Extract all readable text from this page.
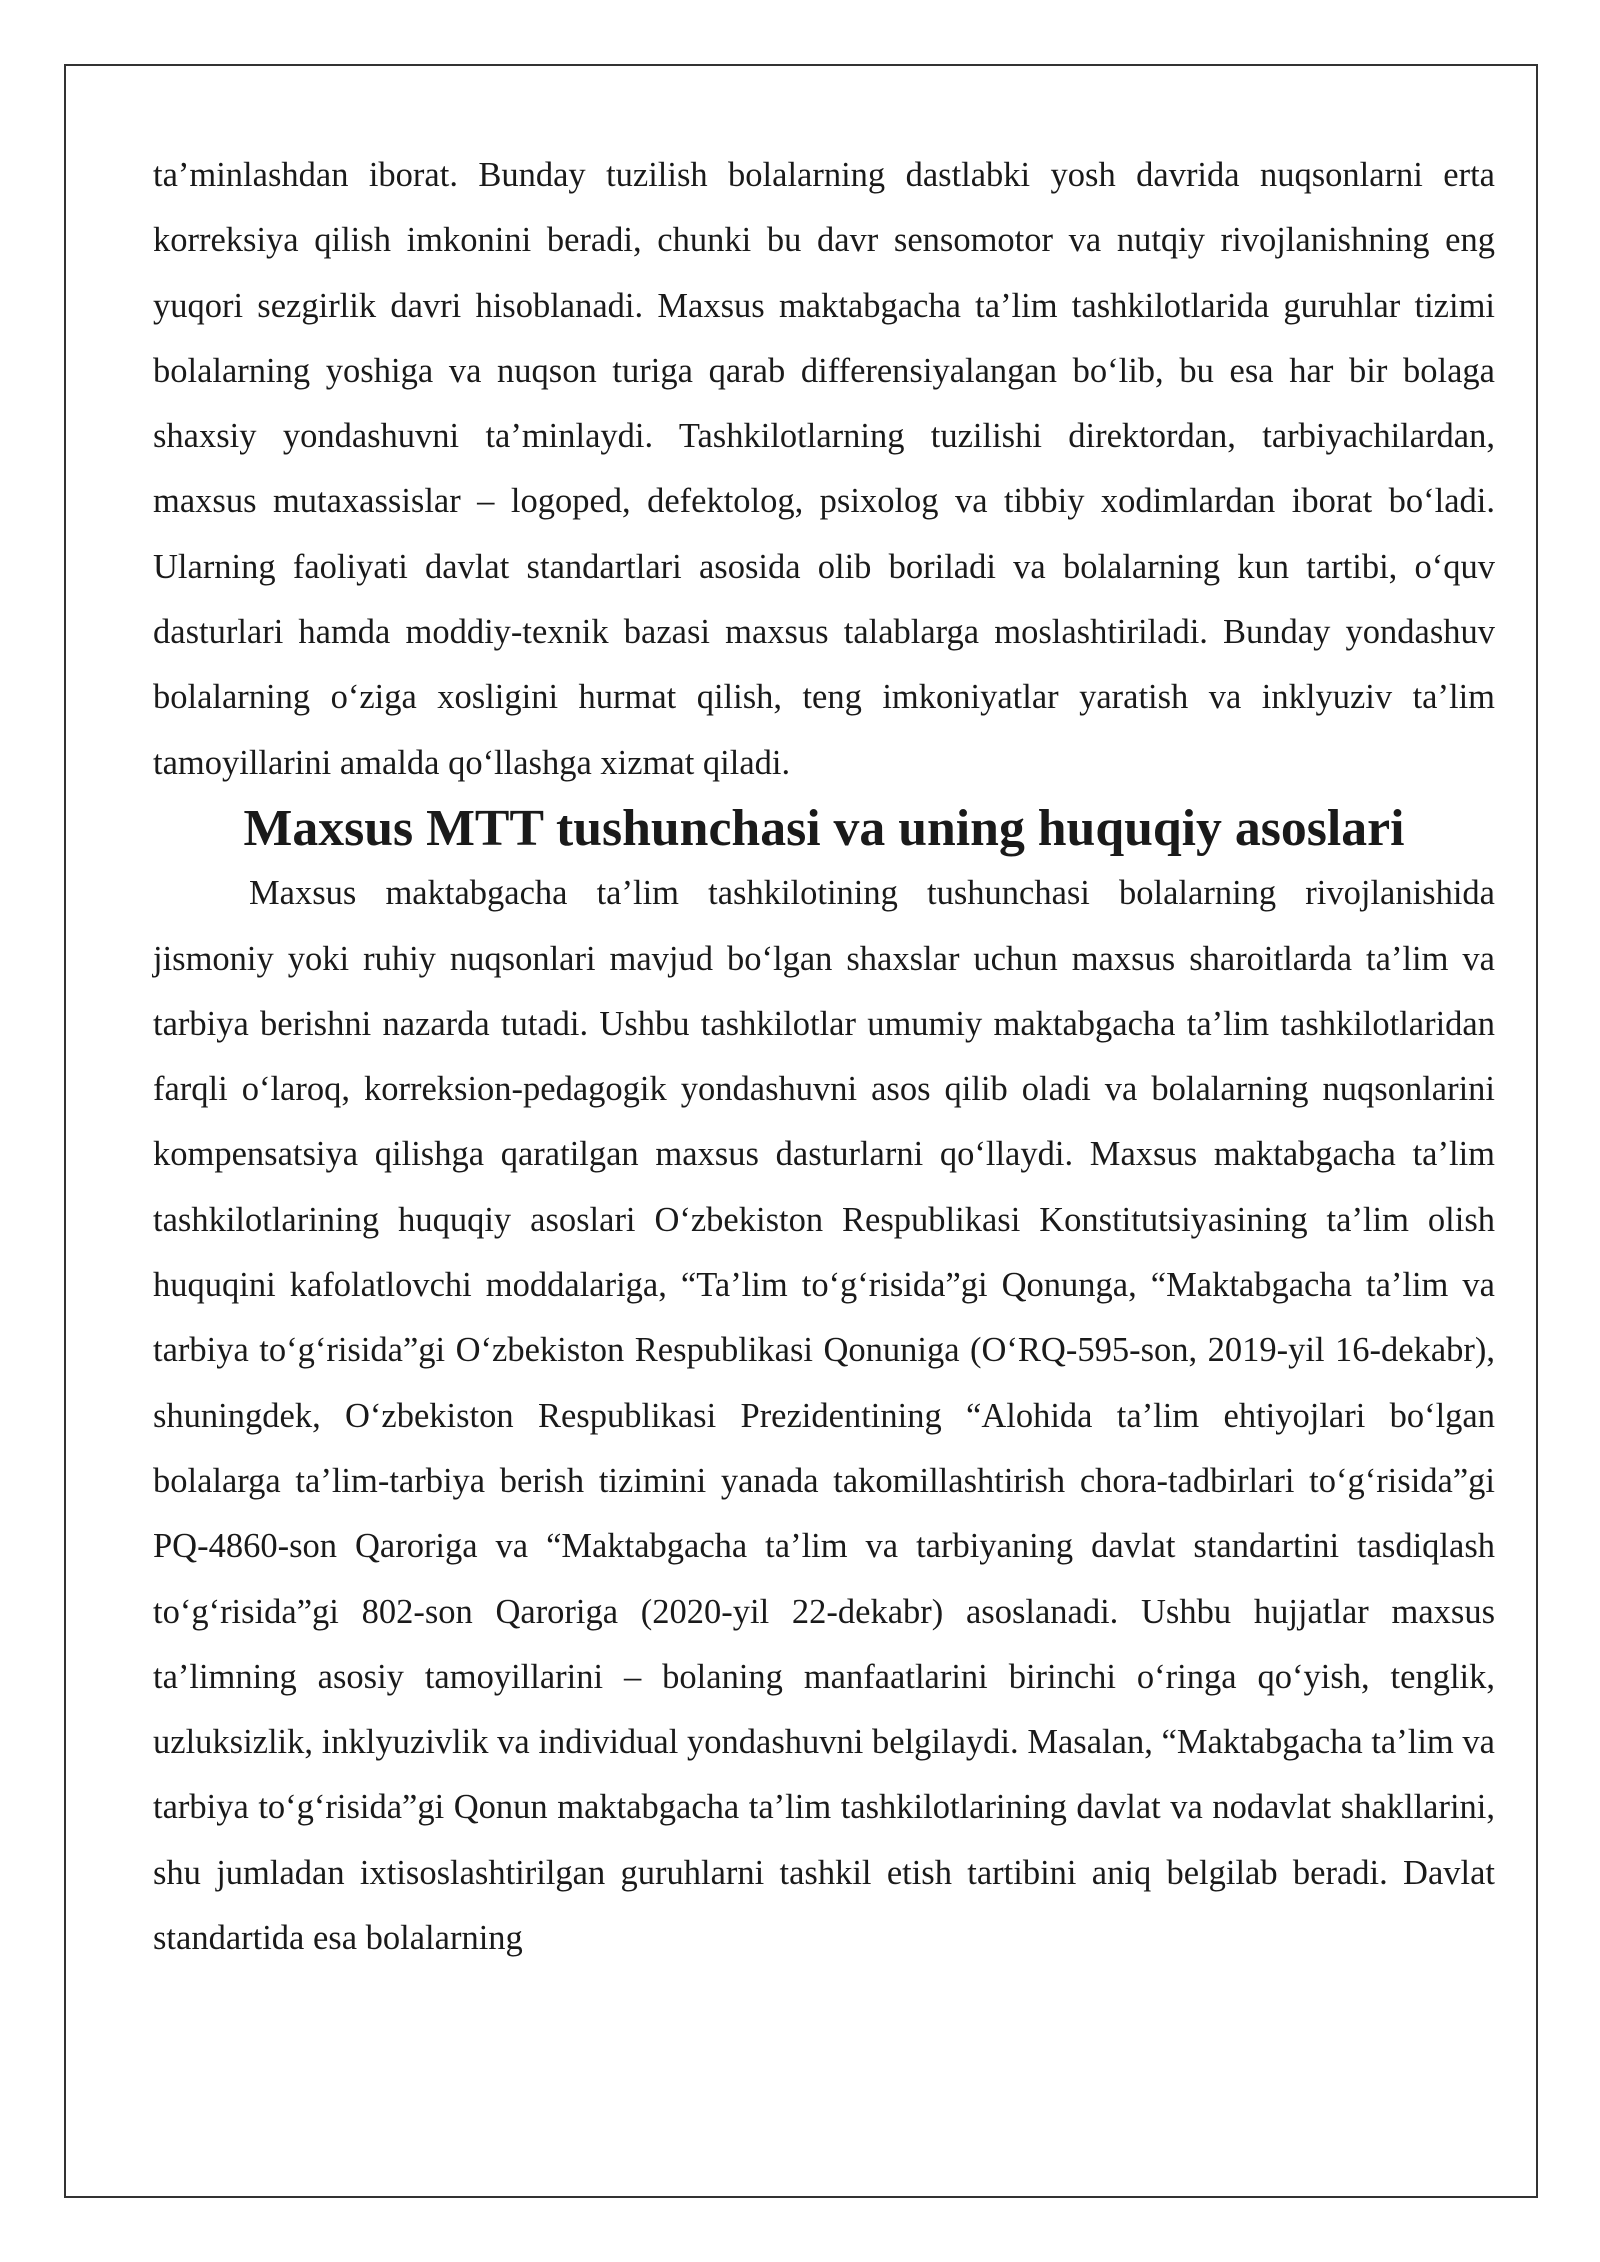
ta’minlashdan iborat. Bunday tuzilish bolalarning dastlabki yosh davrida nuqsonlarni erta korreksiya qilish imkonini beradi, chunki bu davr sensomotor va nutqiy rivojlanishning eng yuqori sezgirlik davri hisoblanadi. Maxsus maktabgacha ta’lim tashkilotlarida guruhlar tizimi bolalarning yoshiga va nuqson turiga qarab differensiyalangan bo‘lib, bu esa har bir bolaga shaxsiy yondashuvni ta’minlaydi. Tashkilotlarning tuzilishi direktordan, tarbiyachilardan, maxsus mutaxassislar – logoped, defektolog, psixolog va tibbiy xodimlardan iborat bo‘ladi. Ularning faoliyati davlat standartlari asosida olib boriladi va bolalarning kun tartibi, o‘quv dasturlari hamda moddiy-texnik bazasi maxsus talablarga moslashtiriladi. Bunday yondashuv bolalarning o‘ziga xosligini hurmat qilish, teng imkoniyatlar yaratish va inklyuziv ta’lim tamoyillarini amalda qo‘llashga xizmat qiladi.

Maxsus MTT tushunchasi va uning huquqiy asoslari

Maxsus maktabgacha ta’lim tashkilotining tushunchasi bolalarning rivojlanishida jismoniy yoki ruhiy nuqsonlari mavjud bo‘lgan shaxslar uchun maxsus sharoitlarda ta’lim va tarbiya berishni nazarda tutadi. Ushbu tashkilotlar umumiy maktabgacha ta’lim tashkilotlaridan farqli o‘laroq, korreksion-pedagogik yondashuvni asos qilib oladi va bolalarning nuqsonlarini kompensatsiya qilishga qaratilgan maxsus dasturlarni qo‘llaydi. Maxsus maktabgacha ta’lim tashkilotlarining huquqiy asoslari O‘zbekiston Respublikasi Konstitutsiyasining ta’lim olish huquqini kafolatlovchi moddalariga, “Ta’lim to‘g‘risida”gi Qonunga, “Maktabgacha ta’lim va tarbiya to‘g‘risida”gi O‘zbekiston Respublikasi Qonuniga (O‘RQ-595-son, 2019-yil 16-dekabr), shuningdek, O‘zbekiston Respublikasi Prezidentining “Alohida ta’lim ehtiyojlari bo‘lgan bolalarga ta’lim-tarbiya berish tizimini yanada takomillashtirish chora-tadbirlari to‘g‘risida”gi PQ-4860-son Qaroriga va “Maktabgacha ta’lim va tarbiyaning davlat standartini tasdiqlash to‘g‘risida”gi 802-son Qaroriga (2020-yil 22-dekabr) asoslanadi. Ushbu hujjatlar maxsus ta’limning asosiy tamoyillarini – bolaning manfaatlarini birinchi o‘ringa qo‘yish, tenglik, uzluksizlik, inklyuzivlik va individual yondashuvni belgilaydi. Masalan, “Maktabgacha ta’lim va tarbiya to‘g‘risida”gi Qonun maktabgacha ta’lim tashkilotlarining davlat va nodavlat shakllarini, shu jumladan ixtisoslashtirilgan guruhlarni tashkil etish tartibini aniq belgilab beradi. Davlat standartida esa bolalarning
